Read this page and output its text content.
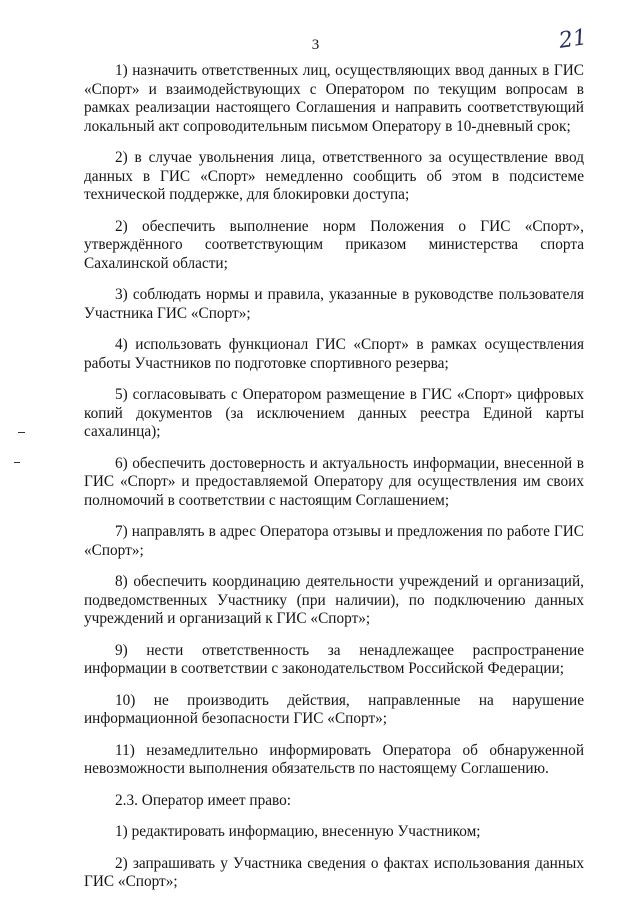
3	21

1) назначить ответственных лиц, осуществляющих ввод данных в ГИС «Спорт» и взаимодействующих с Оператором по текущим вопросам в рамках реализации настоящего Соглашения и направить соответствующий локальный акт сопроводительным письмом Оператору в 10-дневный срок;

2) в случае увольнения лица, ответственного за осуществление ввод данных в ГИС «Спорт» немедленно сообщить об этом в подсистеме технической поддержке, для блокировки доступа;

2) обеспечить выполнение норм Положения о ГИС «Спорт», утверждённого соответствующим приказом министерства спорта Сахалинской области;

3) соблюдать нормы и правила, указанные в руководстве пользователя Участника ГИС «Спорт»;

4) использовать функционал ГИС «Спорт» в рамках осуществления работы Участников по подготовке спортивного резерва;

5) согласовывать с Оператором размещение в ГИС «Спорт» цифровых копий документов (за исключением данных реестра Единой карты сахалинца);

6) обеспечить достоверность и актуальность информации, внесенной в ГИС «Спорт» и предоставляемой Оператору для осуществления им своих полномочий в соответствии с настоящим Соглашением;

7) направлять в адрес Оператора отзывы и предложения по работе ГИС «Спорт»;

8) обеспечить координацию деятельности учреждений и организаций, подведомственных Участнику (при наличии), по подключению данных учреждений и организаций к ГИС «Спорт»;

9) нести ответственность за ненадлежащее распространение информации в соответствии с законодательством Российской Федерации;

10) не производить действия, направленные на нарушение информационной безопасности ГИС «Спорт»;

11) незамедлительно информировать Оператора об обнаруженной невозможности выполнения обязательств по настоящему Соглашению.

2.3. Оператор имеет право:

1) редактировать информацию, внесенную Участником;

2) запрашивать у Участника сведения о фактах использования данных ГИС «Спорт»;
